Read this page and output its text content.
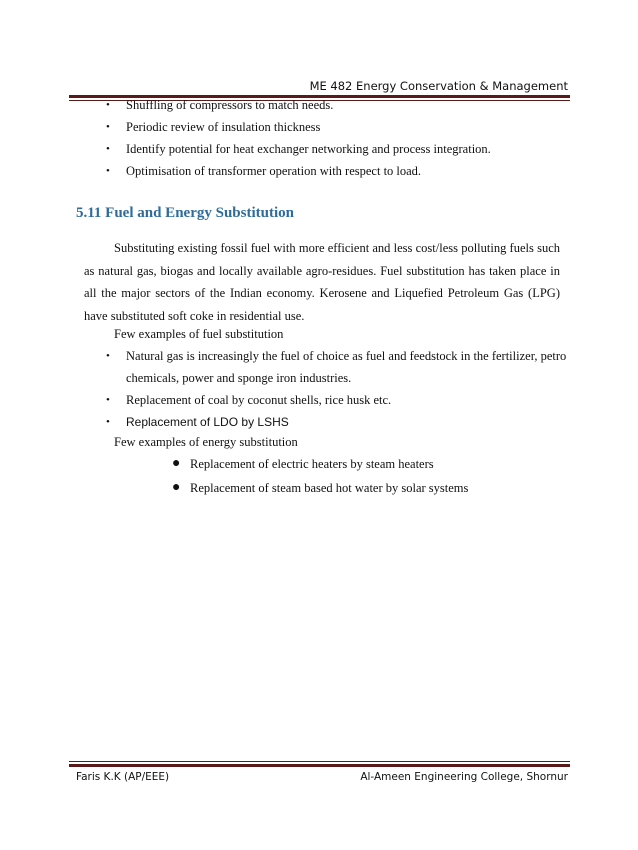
ME 482 Energy Conservation & Management
• Shuffling of compressors to match needs.
• Periodic review of insulation thickness
• Identify potential for heat exchanger networking and process integration.
• Optimisation of transformer operation with respect to load.
5.11 Fuel and Energy Substitution
Substituting existing fossil fuel with more efficient and less cost/less polluting fuels such as natural gas, biogas and locally available agro-residues. Fuel substitution has taken place in all the major sectors of the Indian economy. Kerosene and Liquefied Petroleum Gas (LPG) have substituted soft coke in residential use.
Few examples of fuel substitution
• Natural gas is increasingly the fuel of choice as fuel and feedstock in the fertilizer, petro
chemicals, power and sponge iron industries.
• Replacement of coal by coconut shells, rice husk etc.
• Replacement of LDO by LSHS
Few examples of energy substitution
● Replacement of electric heaters by steam heaters
● Replacement of steam based hot water by solar systems
Faris K.K (AP/EEE)	Al-Ameen Engineering College, Shornur
